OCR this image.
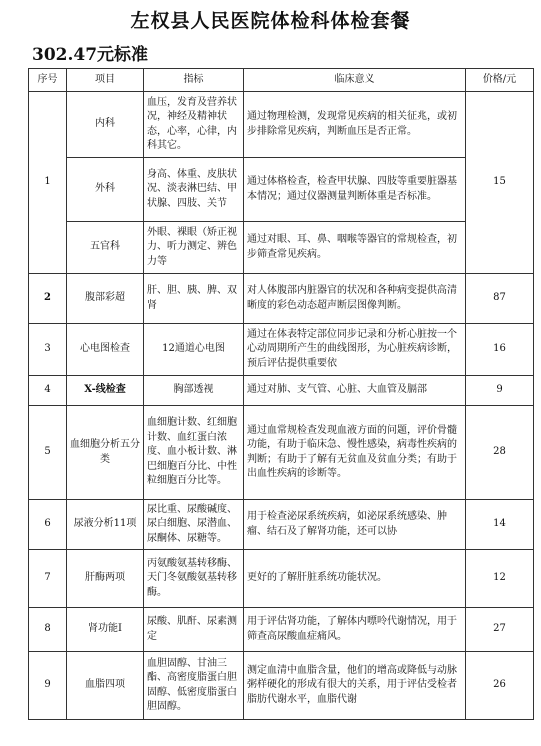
左权县人民医院体检科体检套餐
302.47元标准
序号	项目	指标	临床意义	价格/元
1	内科	血压，发育及营养状况，神经及精神状态，心率，心律，内科其它。	通过物理检测，发现常见疾病的相关征兆，或初步排除常见疾病，判断血压是否正常。	15
	外科	身高、体重、皮肤状况、淡表淋巴结、甲状腺、四肢、关节	通过体格检查，检查甲状腺、四肢等重要脏器基本情况；通过仪器测量判断体重是否标准。	
	五官科	外眼、裸眼（矫正视力、听力测定、辨色力等	通过对眼、耳、鼻、咽喉等器官的常规检查，初步筛查常见疾病。	
2	腹部彩超	肝、胆、胰、脾、双肾	对人体腹部内脏器官的状况和各种病变提供高清晰度的彩色动态超声断层图像判断。	87
3	心电图检查	12通道心电图	通过在体表特定部位同步记录和分析心脏按一个心动周期所产生的曲线图形，为心脏疾病诊断，预后评估提供重要依	16
4	X-线检查	胸部透视	通过对肺、支气管、心脏、大血管及膈部	9
5	血细胞分析五分类	血细胞计数、红细胞计数、血红蛋白浓度、血小板计数、淋巴细胞百分比、中性粒细胞百分比等。	通过血常规检查发现血液方面的问题，评价骨髓功能，有助于临床急、慢性感染，病毒性疾病的判断；有助于了解有无贫血及贫血分类；有助于出血性疾病的诊断等。	28
6	尿液分析11项	尿比重、尿酸碱度、尿白细胞、尿潜血、尿酮体、尿糖等。	用于检查泌尿系统疾病，如泌尿系统感染、肿瘤、结石及了解肾功能，还可以协	14
7	肝酶两项	丙氨酸氨基转移酶、天门冬氨酸氨基转移酶。	更好的了解肝脏系统功能状况。	12
8	肾功能Ⅰ	尿酸、肌酐、尿素测定	用于评估肾功能，了解体内嘌呤代谢情况，用于筛查高尿酸血症痛风。	27
9	血脂四项	血胆固醇、甘油三酯、高密度脂蛋白胆固醇、低密度脂蛋白胆固醇。	测定血清中血脂含量，他们的增高或降低与动脉粥样硬化的形成有很大的关系，用于评估受检者脂肪代谢水平，血脂代谢	26
